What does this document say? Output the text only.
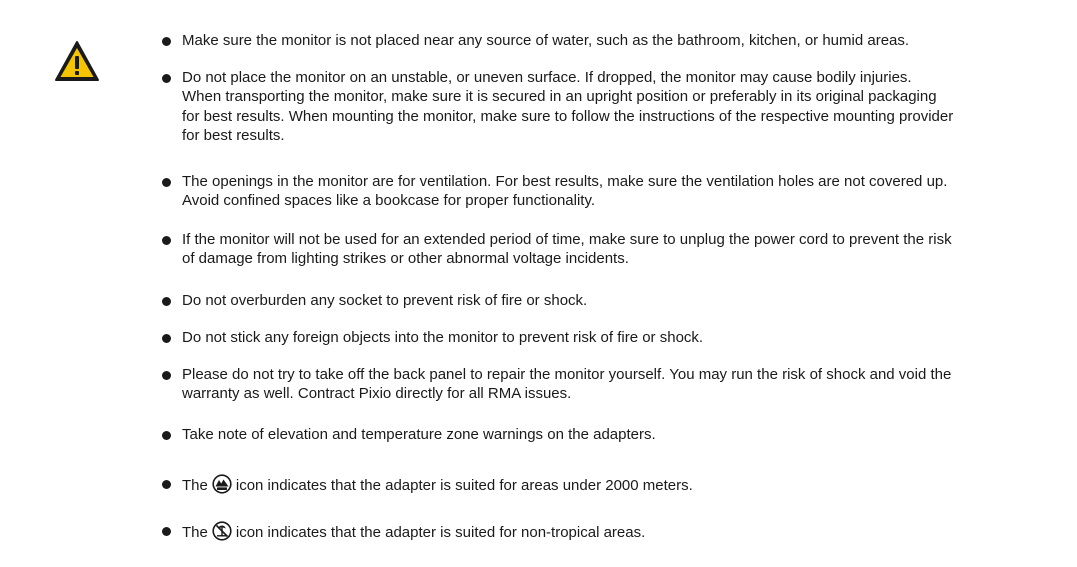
Make sure the monitor is not placed near any source of water, such as the bathroom, kitchen, or humid areas.
Do not place the monitor on an unstable, or uneven surface. If dropped, the monitor may cause bodily injuries.
When transporting the monitor, make sure it is secured in an upright position or preferably in its original packaging
for best results. When mounting the monitor, make sure to follow the instructions of the respective mounting provider
for best results.
The openings in the monitor are for ventilation. For best results, make sure the ventilation holes are not covered up.
Avoid confined spaces like a bookcase for proper functionality.
If the monitor will not be used for an extended period of time, make sure to unplug the power cord to prevent the risk
of damage from lighting strikes or other abnormal voltage incidents.
Do not overburden any socket to prevent risk of fire or shock.
Do not stick any foreign objects into the monitor to prevent risk of fire or shock.
Please do not try to take off the back panel to repair the monitor yourself. You may run the risk of shock and void the
warranty as well. Contract Pixio directly for all RMA issues.
Take note of elevation and temperature zone warnings on the adapters.
The icon indicates that the adapter is suited for areas under 2000 meters.
The icon indicates that the adapter is suited for non-tropical areas.
